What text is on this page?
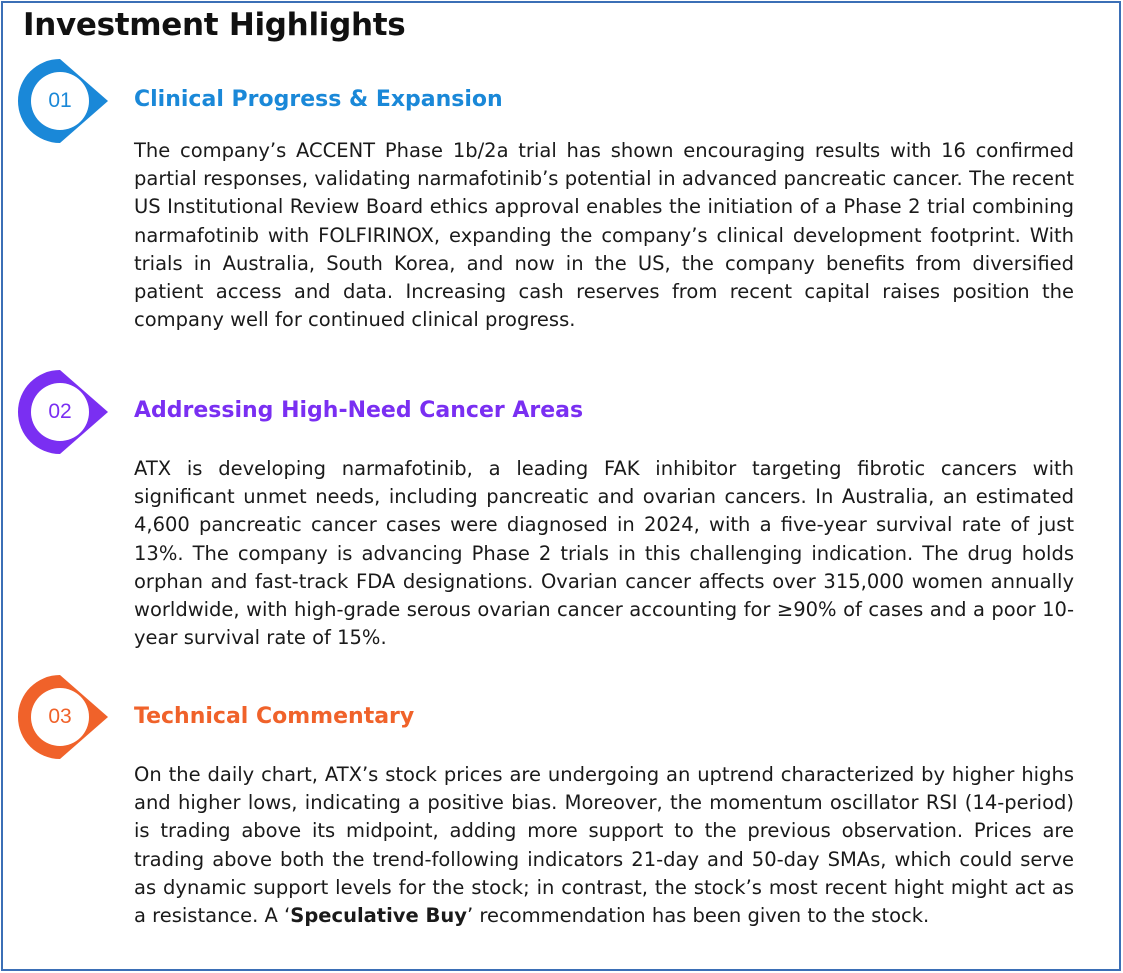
Investment Highlights
01	Clinical Progress & Expansion

The company’s ACCENT Phase 1b/2a trial has shown encouraging results with 16 confirmed partial responses, validating narmafotinib’s potential in advanced pancreatic cancer. The recent US Institutional Review Board ethics approval enables the initiation of a Phase 2 trial combining narmafotinib with FOLFIRINOX, expanding the company’s clinical development footprint. With trials in Australia, South Korea, and now in the US, the company benefits from diversified patient access and data. Increasing cash reserves from recent capital raises position the company well for continued clinical progress.

02	Addressing High-Need Cancer Areas

ATX is developing narmafotinib, a leading FAK inhibitor targeting fibrotic cancers with significant unmet needs, including pancreatic and ovarian cancers. In Australia, an estimated 4,600 pancreatic cancer cases were diagnosed in 2024, with a five-year survival rate of just 13%. The company is advancing Phase 2 trials in this challenging indication. The drug holds orphan and fast-track FDA designations. Ovarian cancer affects over 315,000 women annually worldwide, with high-grade serous ovarian cancer accounting for ≥90% of cases and a poor 10-year survival rate of 15%.

03	Technical Commentary

On the daily chart, ATX’s stock prices are undergoing an uptrend characterized by higher highs and higher lows, indicating a positive bias. Moreover, the momentum oscillator RSI (14-period) is trading above its midpoint, adding more support to the previous observation. Prices are trading above both the trend-following indicators 21-day and 50-day SMAs, which could serve as dynamic support levels for the stock; in contrast, the stock’s most recent hight might act as a resistance. A ‘Speculative Buy’ recommendation has been given to the stock.
